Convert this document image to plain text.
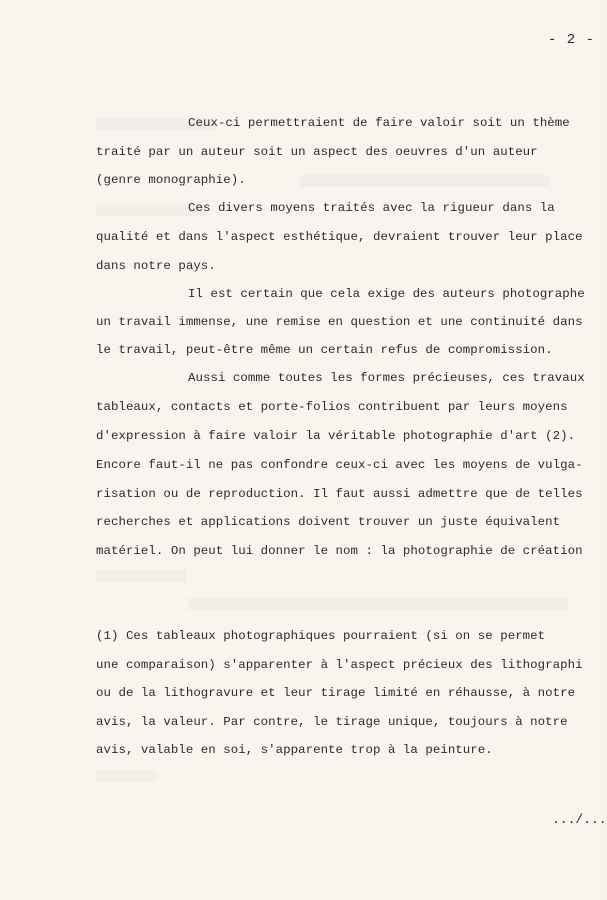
- 2 -
Ceux-ci permettraient de faire valoir soit un thème
traité par un auteur soit un aspect des oeuvres d'un auteur
(genre monographie).
Ces divers moyens traités avec la rigueur dans la
qualité et dans l'aspect esthétique, devraient trouver leur place
dans notre pays.
Il est certain que cela exige des auteurs photographe
un travail immense, une remise en question et une continuité dans
le travail, peut-être même un certain refus de compromission.
Aussi comme toutes les formes précieuses, ces travaux
tableaux, contacts et porte-folios contribuent par leurs moyens
d'expression à faire valoir la véritable photographie d'art (2).
Encore faut-il ne pas confondre ceux-ci avec les moyens de vulga-
risation ou de reproduction. Il faut aussi admettre que de telles
recherches et applications doivent trouver un juste équivalent
matériel. On peut lui donner le nom : la photographie de création
(1) Ces tableaux photographiques pourraient (si on se permet
une comparaison) s'apparenter à l'aspect précieux des lithographi
ou de la lithogravure et leur tirage limité en réhausse, à notre
avis, la valeur. Par contre, le tirage unique, toujours à notre
avis, valable en soi, s'apparente trop à la peinture.
.../...
